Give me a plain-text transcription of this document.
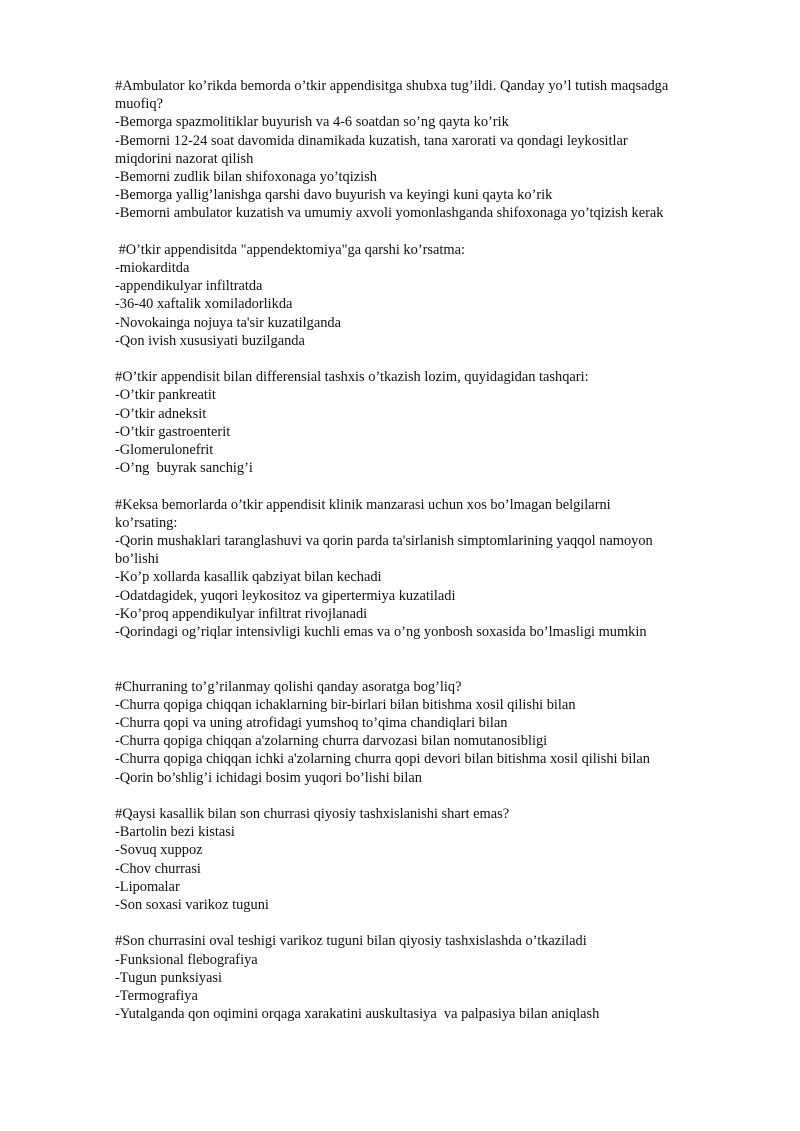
#Ambulator ko’rikda bemorda o’tkir appendisitga shubxa tug’ildi. Qanday yo’l tutish maqsadga
muofiq?
-Bemorga spazmolitiklar buyurish va 4-6 soatdan so’ng qayta ko’rik
-Bemorni 12-24 soat davomida dinamikada kuzatish, tana xarorati va qondagi leykositlar
miqdorini nazorat qilish
-Bemorni zudlik bilan shifoxonaga yo’tqizish
-Bemorga yallig’lanishga qarshi davo buyurish va keyingi kuni qayta ko’rik
-Bemorni ambulator kuzatish va umumiy axvoli yomonlashganda shifoxonaga yo’tqizish kerak
#O’tkir appendisitda "appendektomiya"ga qarshi ko’rsatma:
-miokarditda
-appendikulyar infiltratda
-36-40 xaftalik xomiladorlikda
-Novokainga nojuya ta'sir kuzatilganda
-Qon ivish xususiyati buzilganda
#O’tkir appendisit bilan differensial tashxis o’tkazish lozim, quyidagidan tashqari:
-O’tkir pankreatit
-O’tkir adneksit
-O’tkir gastroenterit
-Glomerulonefrit
-O’ng  buyrak sanchig’i
#Keksa bemorlarda o’tkir appendisit klinik manzarasi uchun xos bo’lmagan belgilarni
ko’rsating:
-Qorin mushaklari taranglashuvi va qorin parda ta'sirlanish simptomlarining yaqqol namoyon
bo’lishi
-Ko’p xollarda kasallik qabziyat bilan kechadi
-Odatdagidek, yuqori leykositoz va gipertermiya kuzatiladi
-Ko’proq appendikulyar infiltrat rivojlanadi
-Qorindagi og’riqlar intensivligi kuchli emas va o’ng yonbosh soxasida bo’lmasligi mumkin
#Churraning to’g’rilanmay qolishi qanday asoratga bog’liq?
-Churra qopiga chiqqan ichaklarning bir-birlari bilan bitishma xosil qilishi bilan
-Churra qopi va uning atrofidagi yumshoq to’qima chandiqlari bilan
-Churra qopiga chiqqan a'zolarning churra darvozasi bilan nomutanosibligi
-Churra qopiga chiqqan ichki a'zolarning churra qopi devori bilan bitishma xosil qilishi bilan
-Qorin bo’shlig’i ichidagi bosim yuqori bo’lishi bilan
#Qaysi kasallik bilan son churrasi qiyosiy tashxislanishi shart emas?
-Bartolin bezi kistasi
-Sovuq xuppoz
-Chov churrasi
-Lipomalar
-Son soxasi varikoz tuguni
#Son churrasini oval teshigi varikoz tuguni bilan qiyosiy tashxislashda o’tkaziladi
-Funksional flebografiya
-Tugun punksiyasi
-Termografiya
-Yutalganda qon oqimini orqaga xarakatini auskultasiya  va palpasiya bilan aniqlash
